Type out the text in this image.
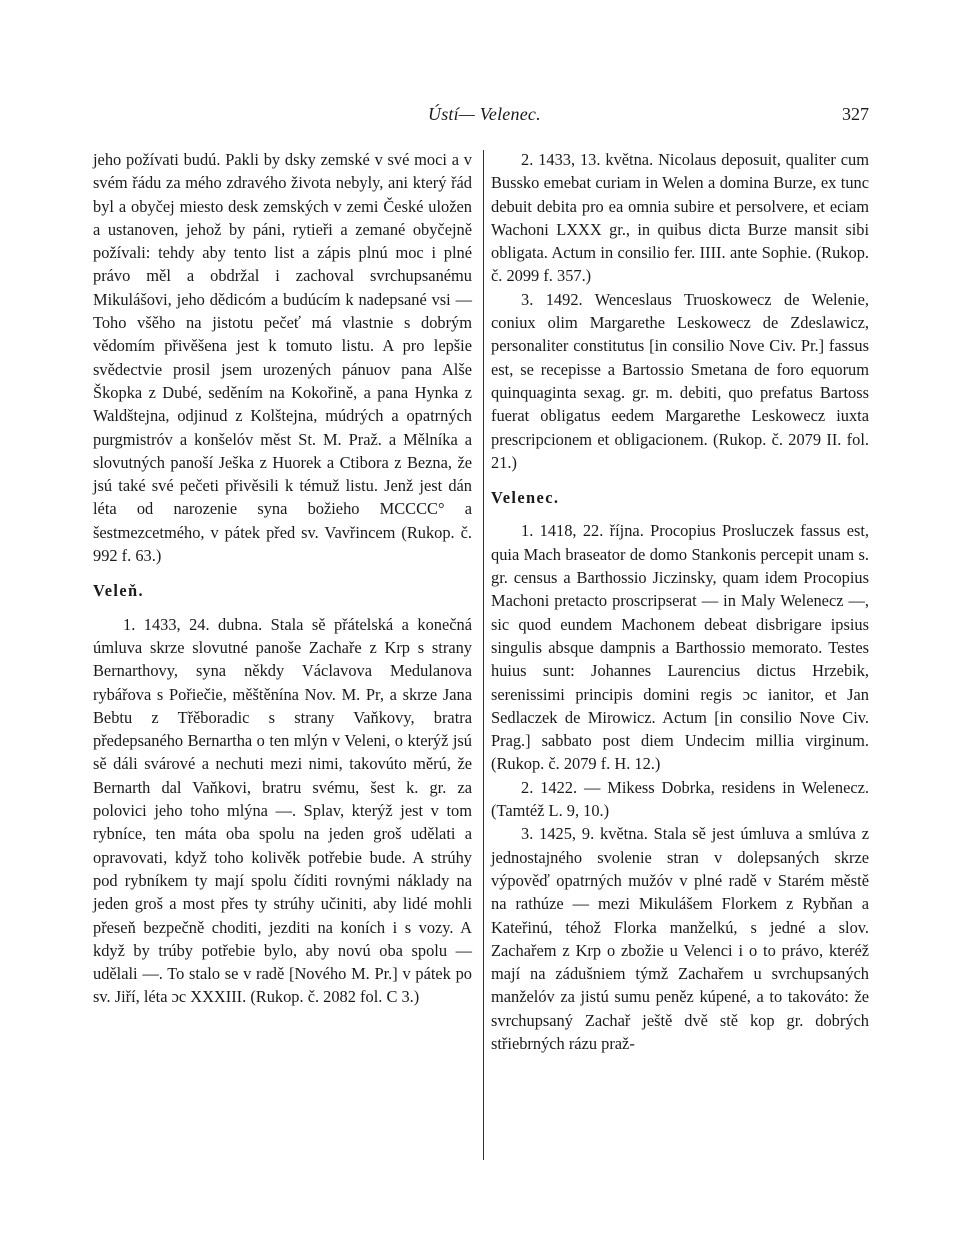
Ústí— Velenec.	327

jeho požívati budú. Pakli by dsky zemské v své moci a v svém řádu za mého zdravého života nebyly, ani který řád byl a obyčej miesto desk zemských v zemi České uložen a ustanoven, jehož by páni, rytieři a zemané obyčejně požívali: tehdy aby tento list a zápis plnú moc i plné právo měl a obdržal i zachoval svrchupsanému Mikulášovi, jeho dědicóm a budúcím k nadepsané vsi — Toho všěho na jistotu pečeť má vlastnie s dobrým vědomím přivěšena jest k tomuto listu. A pro lepšie svědectvie prosil jsem urozených pánuov pana Alše Škopka z Dubé, seděním na Kokořině, a pana Hynka z Waldštejna, odjinud z Kolštejna, múdrých a opatrných purgmistróv a konšelóv měst St. M. Praž. a Mělníka a slovutných panoší Ješka z Huorek a Ctibora z Bezna, že jsú také své pečeti přivěsili k témuž listu. Jenž jest dán léta od narozenie syna božieho MCCCC° a šestmezcetmého, v pátek před sv. Vavřincem (Rukop. č. 992 f. 63.)

Veleň.

1. 1433, 24. dubna. Stala sě přátelská a konečná úmluva skrze slovutné panoše Zachaře z Krp s strany Bernarthovy, syna někdy Václavova Medulanova rybářova s Pořiečie, měštěnína Nov. M. Pr, a skrze Jana Bebtu z Třěboradic s strany Vaňkovy, bratra předepsaného Bernartha o ten mlýn v Veleni, o kterýž jsú sě dáli svárové a nechuti mezi nimi, takovúto měrú, že Bernarth dal Vaňkovi, bratru svému, šest k. gr. za polovici jeho toho mlýna —. Splav, kterýž jest v tom rybníce, ten máta oba spolu na jeden groš udělati a opravovati, když toho kolivěk potřebie bude. A strúhy pod rybníkem ty mají spolu číditi rovnými náklady na jeden groš a most přes ty strúhy učiniti, aby lidé mohli přeseň bezpečně choditi, jezditi na koních i s vozy. A když by trúby potřebie bylo, aby novú oba spolu — udělali —. To stalo se v radě [Nového M. Pr.] v pátek po sv. Jiří, léta ɔc XXXIII. (Rukop. č. 2082 fol. C 3.)

2. 1433, 13. května. Nicolaus deposuit, qualiter cum Bussko emebat curiam in Welen a domina Burze, ex tunc debuit debita pro ea omnia subire et persolvere, et eciam Wachoni LXXX gr., in quibus dicta Burze mansit sibi obligata. Actum in consilio fer. IIII. ante Sophie. (Rukop. č. 2099 f. 357.)

3. 1492. Wenceslaus Truoskowecz de Welenie, coniux olim Margarethe Leskowecz de Zdeslawicz, personaliter constitutus [in consilio Nove Civ. Pr.] fassus est, se recepisse a Bartossio Smetana de foro equorum quinquaginta sexag. gr. m. debiti, quo prefatus Bartoss fuerat obligatus eedem Margarethe Leskowecz iuxta prescripcionem et obligacionem. (Rukop. č. 2079 II. fol. 21.)

Velenec.

1. 1418, 22. října. Procopius Prosluczek fassus est, quia Mach braseator de domo Stankonis percepit unam s. gr. census a Barthossio Jiczinsky, quam idem Procopius Machoni pretacto proscripserat — in Maly Welenecz —, sic quod eundem Machonem debeat disbrigare ipsius singulis absque dampnis a Barthossio memorato. Testes huius sunt: Johannes Laurencius dictus Hrzebik, serenissimi principis domini regis ɔc ianitor, et Jan Sedlaczek de Mirowicz. Actum [in consilio Nove Civ. Prag.] sabbato post diem Undecim millia virginum. (Rukop. č. 2079 f. H. 12.)

2. 1422. — Mikess Dobrka, residens in Welenecz. (Tamtéž L. 9, 10.)

3. 1425, 9. května. Stala sě jest úmluva a smlúva z jednostajného svolenie stran v dolepsaných skrze výpověď opatrných mužóv v plné radě v Starém městě na rathúze — mezi Mikulášem Florkem z Rybňan a Kateřinú, téhož Florka manželkú, s jedné a slov. Zachařem z Krp o zbožie u Velenci i o to právo, kteréž mají na zádušniem týmž Zachařem u svrchupsaných manželóv za jistú sumu peněz kúpené, a to takováto: že svrchupsaný Zachař ještě dvě stě kop gr. dobrých střiebrných rázu praž-
